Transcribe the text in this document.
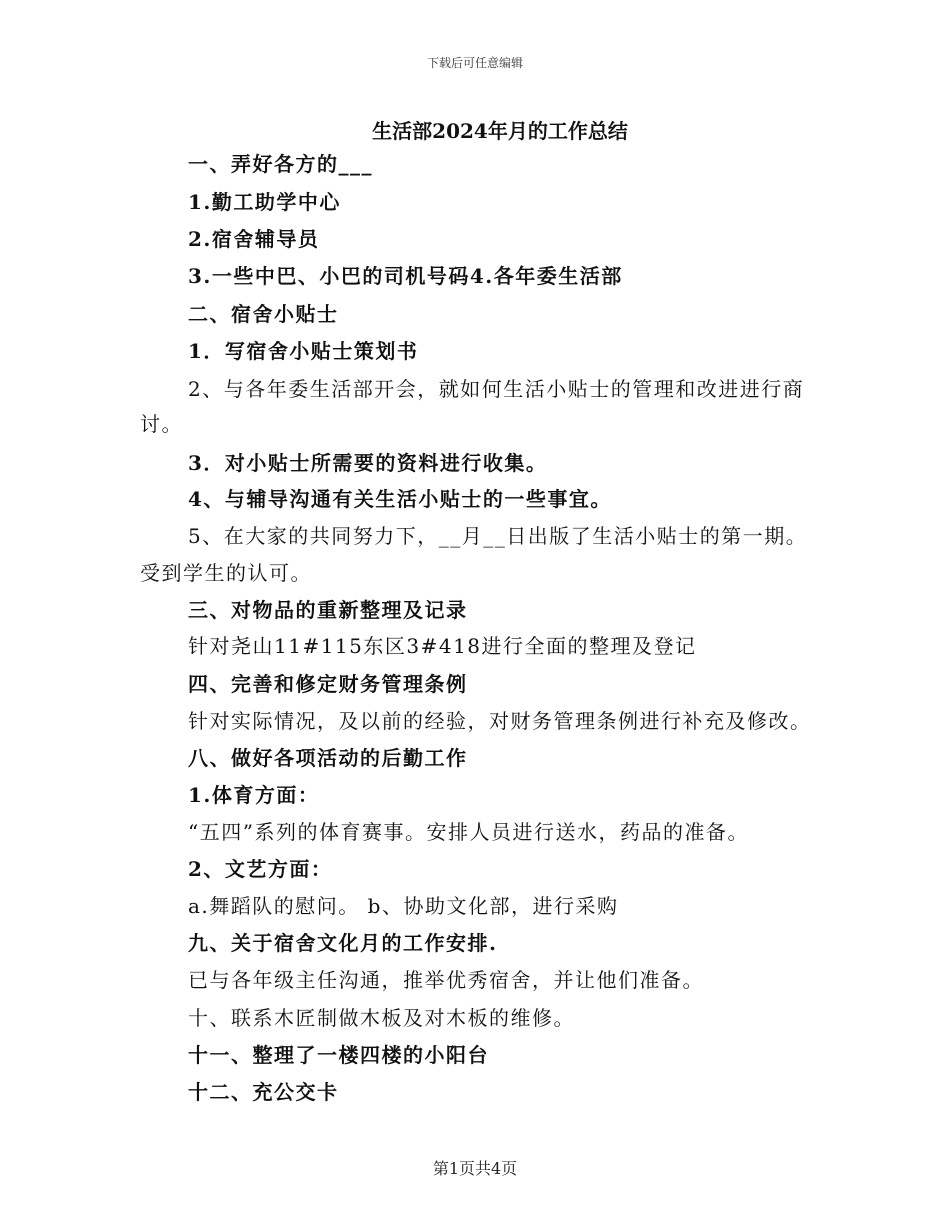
下载后可任意编辑
生活部2024年月的工作总结
一、弄好各方的___
1.勤工助学中心
2.宿舍辅导员
3.一些中巴、小巴的司机号码4.各年委生活部
二、宿舍小贴士
1．写宿舍小贴士策划书
2、与各年委生活部开会，就如何生活小贴士的管理和改进进行商
讨。
3．对小贴士所需要的资料进行收集。
4、与辅导沟通有关生活小贴士的一些事宜。
5、在大家的共同努力下，__月__日出版了生活小贴士的第一期。
受到学生的认可。
三、对物品的重新整理及记录
针对尧山11#115东区3#418进行全面的整理及登记
四、完善和修定财务管理条例
针对实际情况，及以前的经验，对财务管理条例进行补充及修改。
八、做好各项活动的后勤工作
1.体育方面：
“五四”系列的体育赛事。安排人员进行送水，药品的准备。
2、文艺方面：
a.舞蹈队的慰问。 b、协助文化部，进行采购
九、关于宿舍文化月的工作安排.
已与各年级主任沟通，推举优秀宿舍，并让他们准备。
十、联系木匠制做木板及对木板的维修。
十一、整理了一楼四楼的小阳台
十二、充公交卡
第1页共4页
